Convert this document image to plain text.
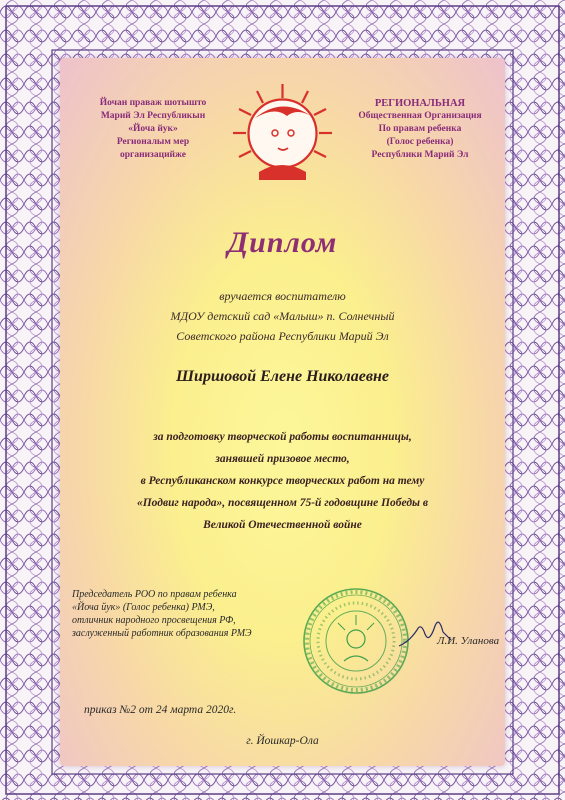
Йочан праваж шотышто
Марий Эл Республикын
«Йоча йук»
Регионалым мер
организацийже
РЕГИОНАЛЬНАЯ
Общественная Организация
По правам ребенка
(Голос ребенка)
Республики Марий Эл
Диплом
вручается воспитателю
МДОУ детский сад «Малыш» п. Солнечный
Советского района Республики Марий Эл
Ширшовой Елене Николаевне
за подготовку творческой работы воспитанницы,
занявшей призовое место,
в Республиканском конкурсе творческих работ на тему
«Подвиг народа», посвященном 75-й годовщине Победы в
Великой Отечественной войне
Председатель РОО по правам ребенка
«Йоча йук» (Голос ребенка) РМЭ,
отличник народного просвещения РФ,
заслуженный работник образования РМЭ
Л.И. Уланова
приказ №2 от 24 марта 2020г.
г. Йошкар-Ола
